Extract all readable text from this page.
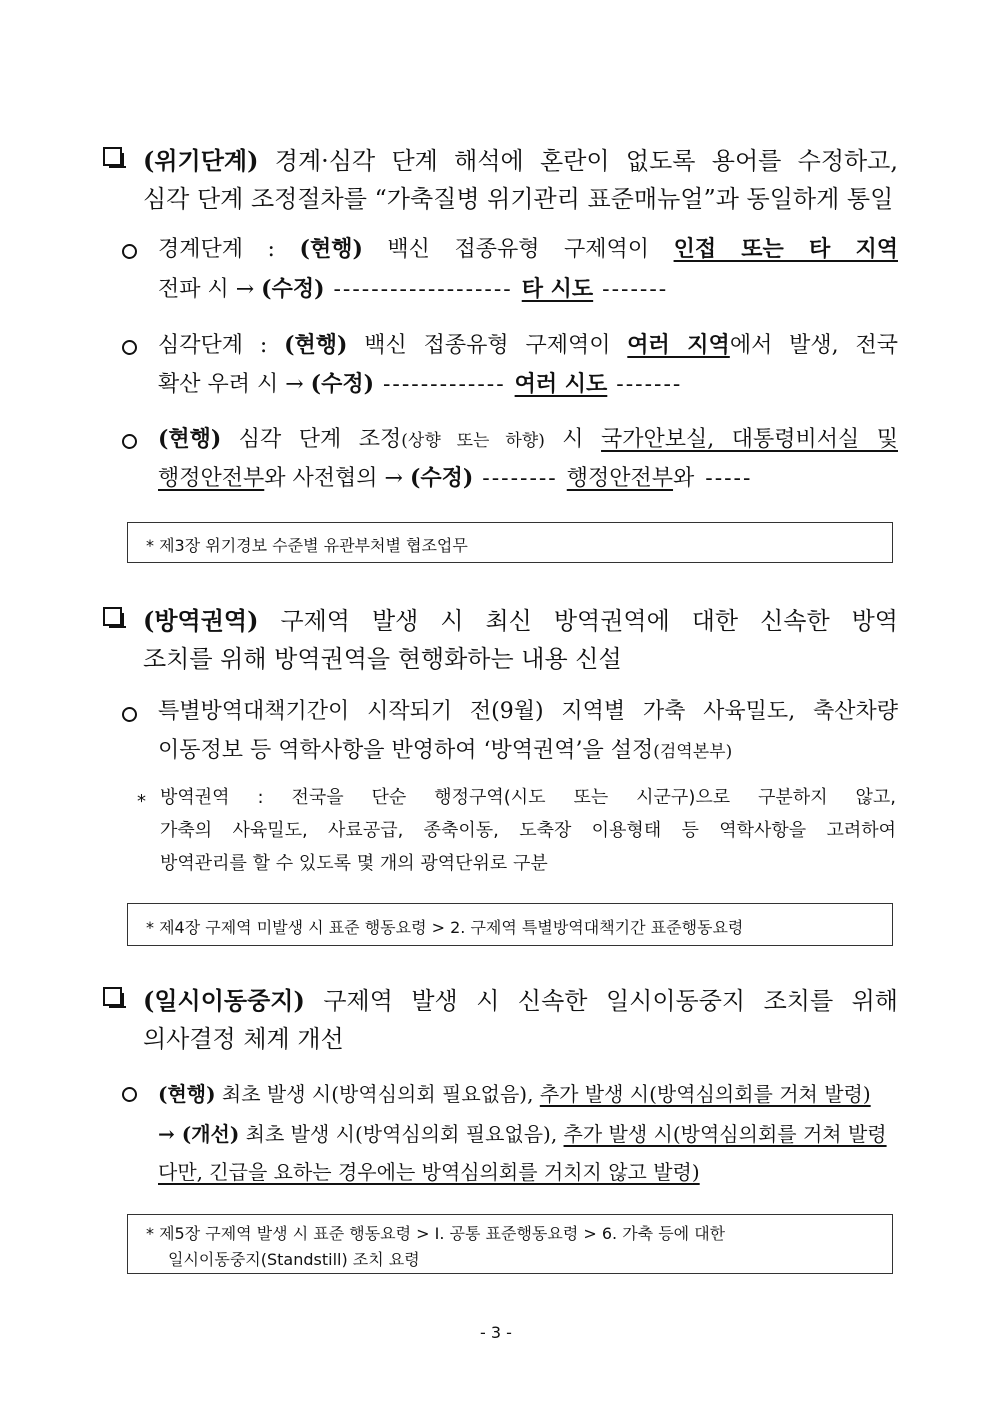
(위기단계) 경계·심각 단계 해석에 혼란이 없도록 용어를 수정하고,
심각 단계 조정절차를 “가축질병 위기관리 표준매뉴얼”과 동일하게 통일
경계단계 : (현행) 백신 접종유형 구제역이 인접 또는 타 지역
전파 시 → (수정) ------------------- 타 시도 -------
심각단계 : (현행) 백신 접종유형 구제역이 여러 지역에서 발생, 전국
확산 우려 시 → (수정) ------------- 여러 시도 -------
(현행) 심각 단계 조정(상향 또는 하향) 시 국가안보실, 대통령비서실 및
행정안전부와 사전협의 → (수정) -------- 행정안전부와 -----
* 제3장 위기경보 수준별 유관부처별 협조업무
(방역권역) 구제역 발생 시 최신 방역권역에 대한 신속한 방역
조치를 위해 방역권역을 현행화하는 내용 신설
특별방역대책기간이 시작되기 전(9월) 지역별 가축 사육밀도, 축산차량
이동정보 등 역학사항을 반영하여 ‘방역권역’을 설정(검역본부)
* 방역권역 : 전국을 단순 행정구역(시도 또는 시군구)으로 구분하지 않고,
가축의 사육밀도, 사료공급, 종축이동, 도축장 이용형태 등 역학사항을 고려하여
방역관리를 할 수 있도록 몇 개의 광역단위로 구분
* 제4장 구제역 미발생 시 표준 행동요령 > 2. 구제역 특별방역대책기간 표준행동요령
(일시이동중지) 구제역 발생 시 신속한 일시이동중지 조치를 위해
의사결정 체계 개선
(현행) 최초 발생 시(방역심의회 필요없음), 추가 발생 시(방역심의회를 거쳐 발령)
→ (개선) 최초 발생 시(방역심의회 필요없음), 추가 발생 시(방역심의회를 거쳐 발령
다만, 긴급을 요하는 경우에는 방역심의회를 거치지 않고 발령)
* 제5장 구제역 발생 시 표준 행동요령 > Ⅰ. 공통 표준행동요령 > 6. 가축 등에 대한
일시이동중지(Standstill) 조치 요령
- 3 -
